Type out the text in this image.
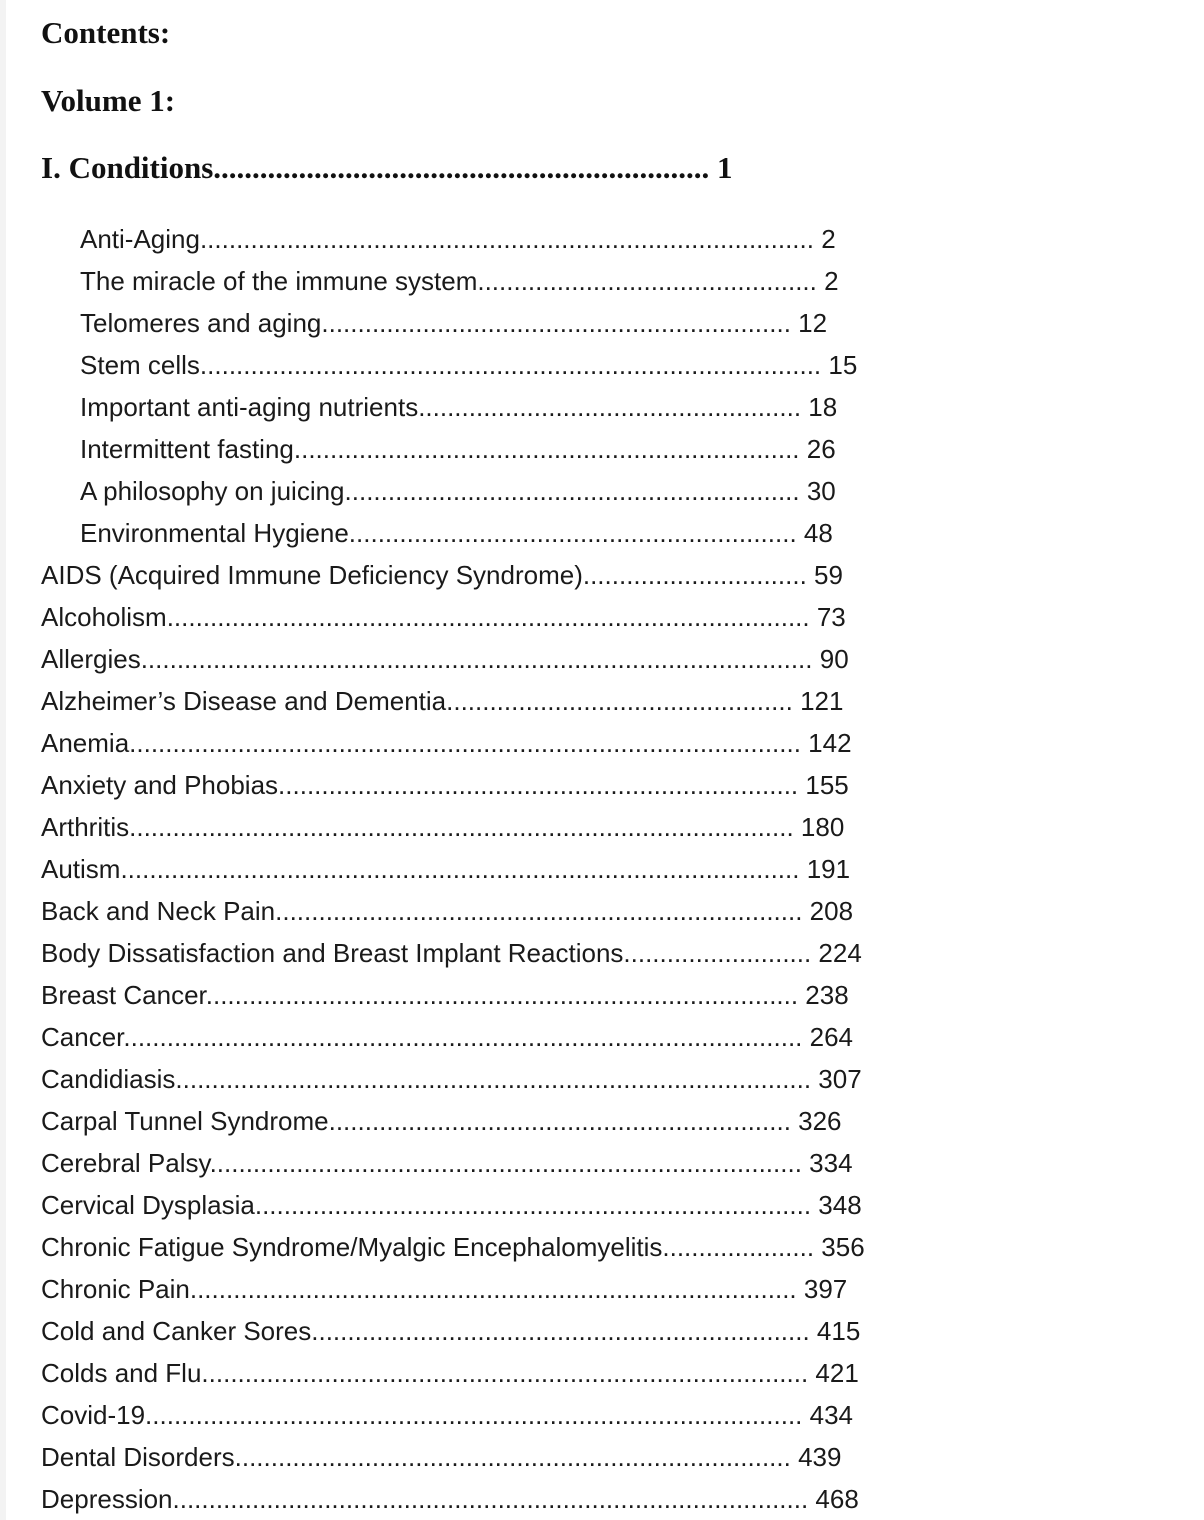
Contents:
Volume 1:
I. Conditions................................................................ 1
Anti-Aging..................................................................................... 2
The miracle of the immune system............................................... 2
Telomeres and aging................................................................. 12
Stem cells...................................................................................... 15
Important anti-aging nutrients..................................................... 18
Intermittent fasting...................................................................... 26
A philosophy on juicing............................................................... 30
Environmental Hygiene.............................................................. 48
AIDS (Acquired Immune Deficiency Syndrome)............................... 59
Alcoholism......................................................................................... 73
Allergies............................................................................................. 90
Alzheimer’s Disease and Dementia................................................ 121
Anemia............................................................................................. 142
Anxiety and Phobias........................................................................ 155
Arthritis............................................................................................ 180
Autism.............................................................................................. 191
Back and Neck Pain......................................................................... 208
Body Dissatisfaction and Breast Implant Reactions.......................... 224
Breast Cancer.................................................................................. 238
Cancer.............................................................................................. 264
Candidiasis........................................................................................ 307
Carpal Tunnel Syndrome................................................................ 326
Cerebral Palsy.................................................................................. 334
Cervical Dysplasia............................................................................. 348
Chronic Fatigue Syndrome/Myalgic Encephalomyelitis..................... 356
Chronic Pain.................................................................................... 397
Cold and Canker Sores..................................................................... 415
Colds and Flu.................................................................................... 421
Covid-19........................................................................................... 434
Dental Disorders............................................................................. 439
Depression........................................................................................ 468
